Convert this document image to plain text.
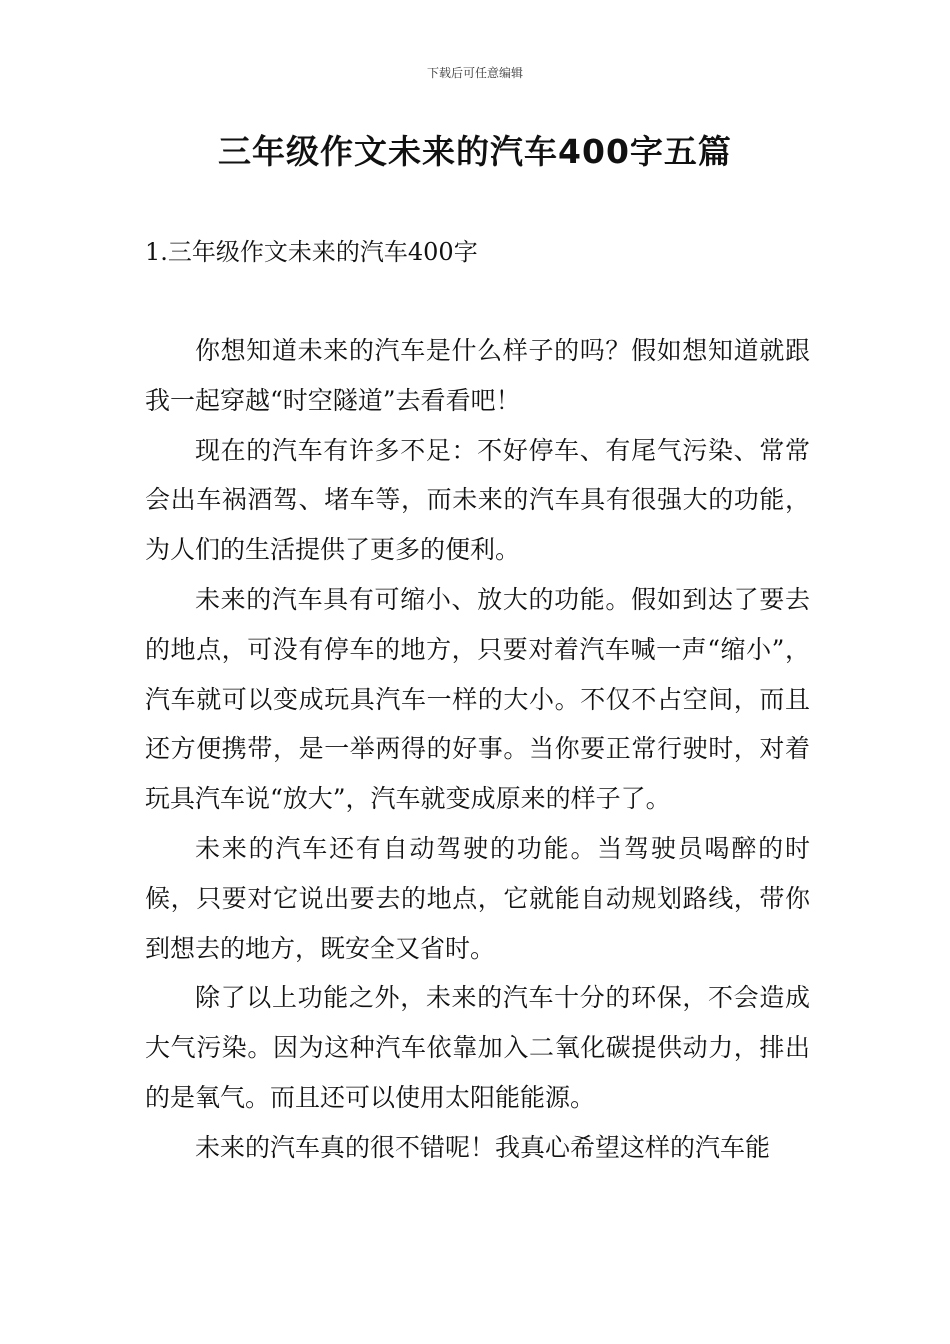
下载后可任意编辑
三年级作文未来的汽车400字五篇
1.三年级作文未来的汽车400字

你想知道未来的汽车是什么样子的吗？假如想知道就跟我一起穿越“时空隧道”去看看吧！

现在的汽车有许多不足：不好停车、有尾气污染、常常会出车祸酒驾、堵车等，而未来的汽车具有很强大的功能，为人们的生活提供了更多的便利。

未来的汽车具有可缩小、放大的功能。假如到达了要去的地点，可没有停车的地方，只要对着汽车喊一声“缩小”，汽车就可以变成玩具汽车一样的大小。不仅不占空间，而且还方便携带，是一举两得的好事。当你要正常行驶时，对着玩具汽车说“放大”，汽车就变成原来的样子了。

未来的汽车还有自动驾驶的功能。当驾驶员喝醉的时候，只要对它说出要去的地点，它就能自动规划路线，带你到想去的地方，既安全又省时。

除了以上功能之外，未来的汽车十分的环保，不会造成大气污染。因为这种汽车依靠加入二氧化碳提供动力，排出的是氧气。而且还可以使用太阳能能源。

未来的汽车真的很不错呢！我真心希望这样的汽车能
